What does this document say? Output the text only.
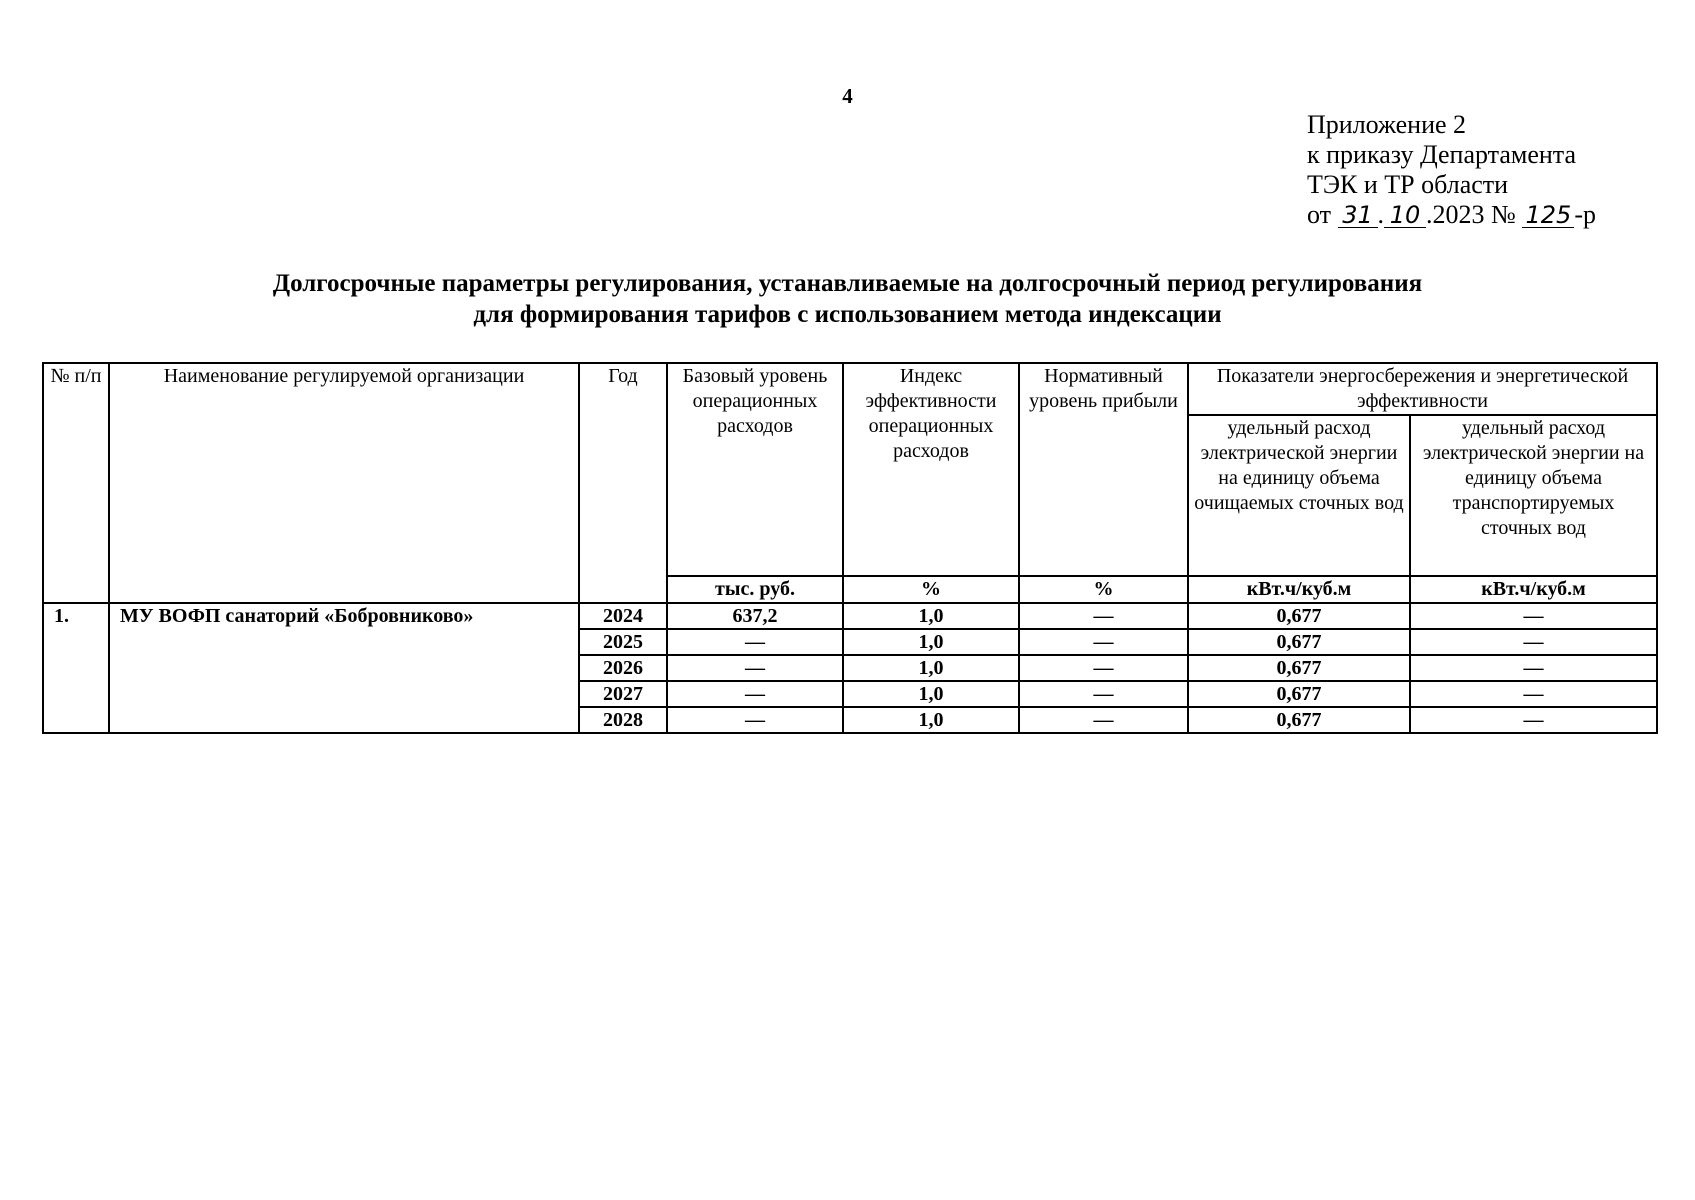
4
Приложение 2
к приказу Департамента
ТЭК и ТР области
от 31 . 10 .2023 № 125 -р
Долгосрочные параметры регулирования, устанавливаемые на долгосрочный период регулирования
для формирования тарифов с использованием метода индексации
№ п/п	Наименование регулируемой организации	Год	Базовый уровень операционных расходов	Индекс эффективности операционных расходов	Нормативный уровень прибыли	Показатели энергосбережения и энергетической эффективности	
						удельный расход электрической энергии на единицу объема очищаемых сточных вод	удельный расход электрической энергии на единицу объема транспортируемых сточных вод
			тыс. руб.	%	%	кВт.ч/куб.м	кВт.ч/куб.м
1.	МУ ВОФП санаторий «Бобровниково»	2024	637,2	1,0	—	0,677	—
		2025	—	1,0	—	0,677	—
		2026	—	1,0	—	0,677	—
		2027	—	1,0	—	0,677	—
		2028	—	1,0	—	0,677	—
